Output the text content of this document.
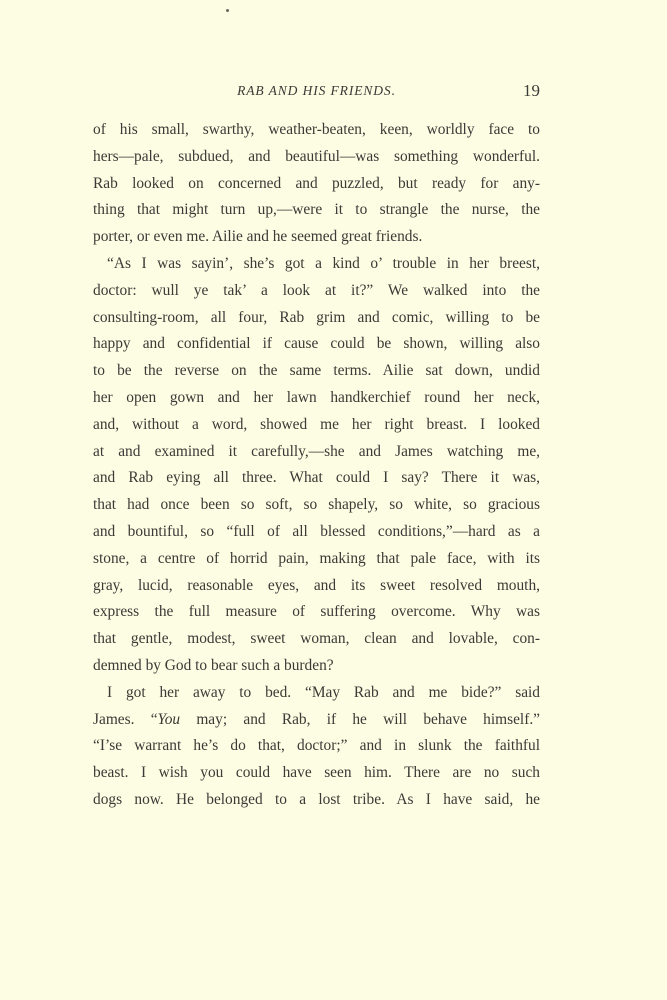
RAB AND HIS FRIENDS.	19
of his small, swarthy, weather-beaten, keen, worldly face to
hers—pale, subdued, and beautiful—was something wonderful.
Rab looked on concerned and puzzled, but ready for any-
thing that might turn up,—were it to strangle the nurse, the
porter, or even me. Ailie and he seemed great friends.
“As I was sayin’, she’s got a kind o’ trouble in her breest,
doctor: wull ye tak’ a look at it?” We walked into the
consulting-room, all four, Rab grim and comic, willing to be
happy and confidential if cause could be shown, willing also
to be the reverse on the same terms. Ailie sat down, undid
her open gown and her lawn handkerchief round her neck,
and, without a word, showed me her right breast. I looked
at and examined it carefully,—she and James watching me,
and Rab eying all three. What could I say? There it was,
that had once been so soft, so shapely, so white, so gracious
and bountiful, so “full of all blessed conditions,”—hard as a
stone, a centre of horrid pain, making that pale face, with its
gray, lucid, reasonable eyes, and its sweet resolved mouth,
express the full measure of suffering overcome. Why was
that gentle, modest, sweet woman, clean and lovable, con-
demned by God to bear such a burden?
I got her away to bed. “May Rab and me bide?” said
James. “You may; and Rab, if he will behave himself.”
“I’se warrant he’s do that, doctor;” and in slunk the faithful
beast. I wish you could have seen him. There are no such
dogs now. He belonged to a lost tribe. As I have said, he
